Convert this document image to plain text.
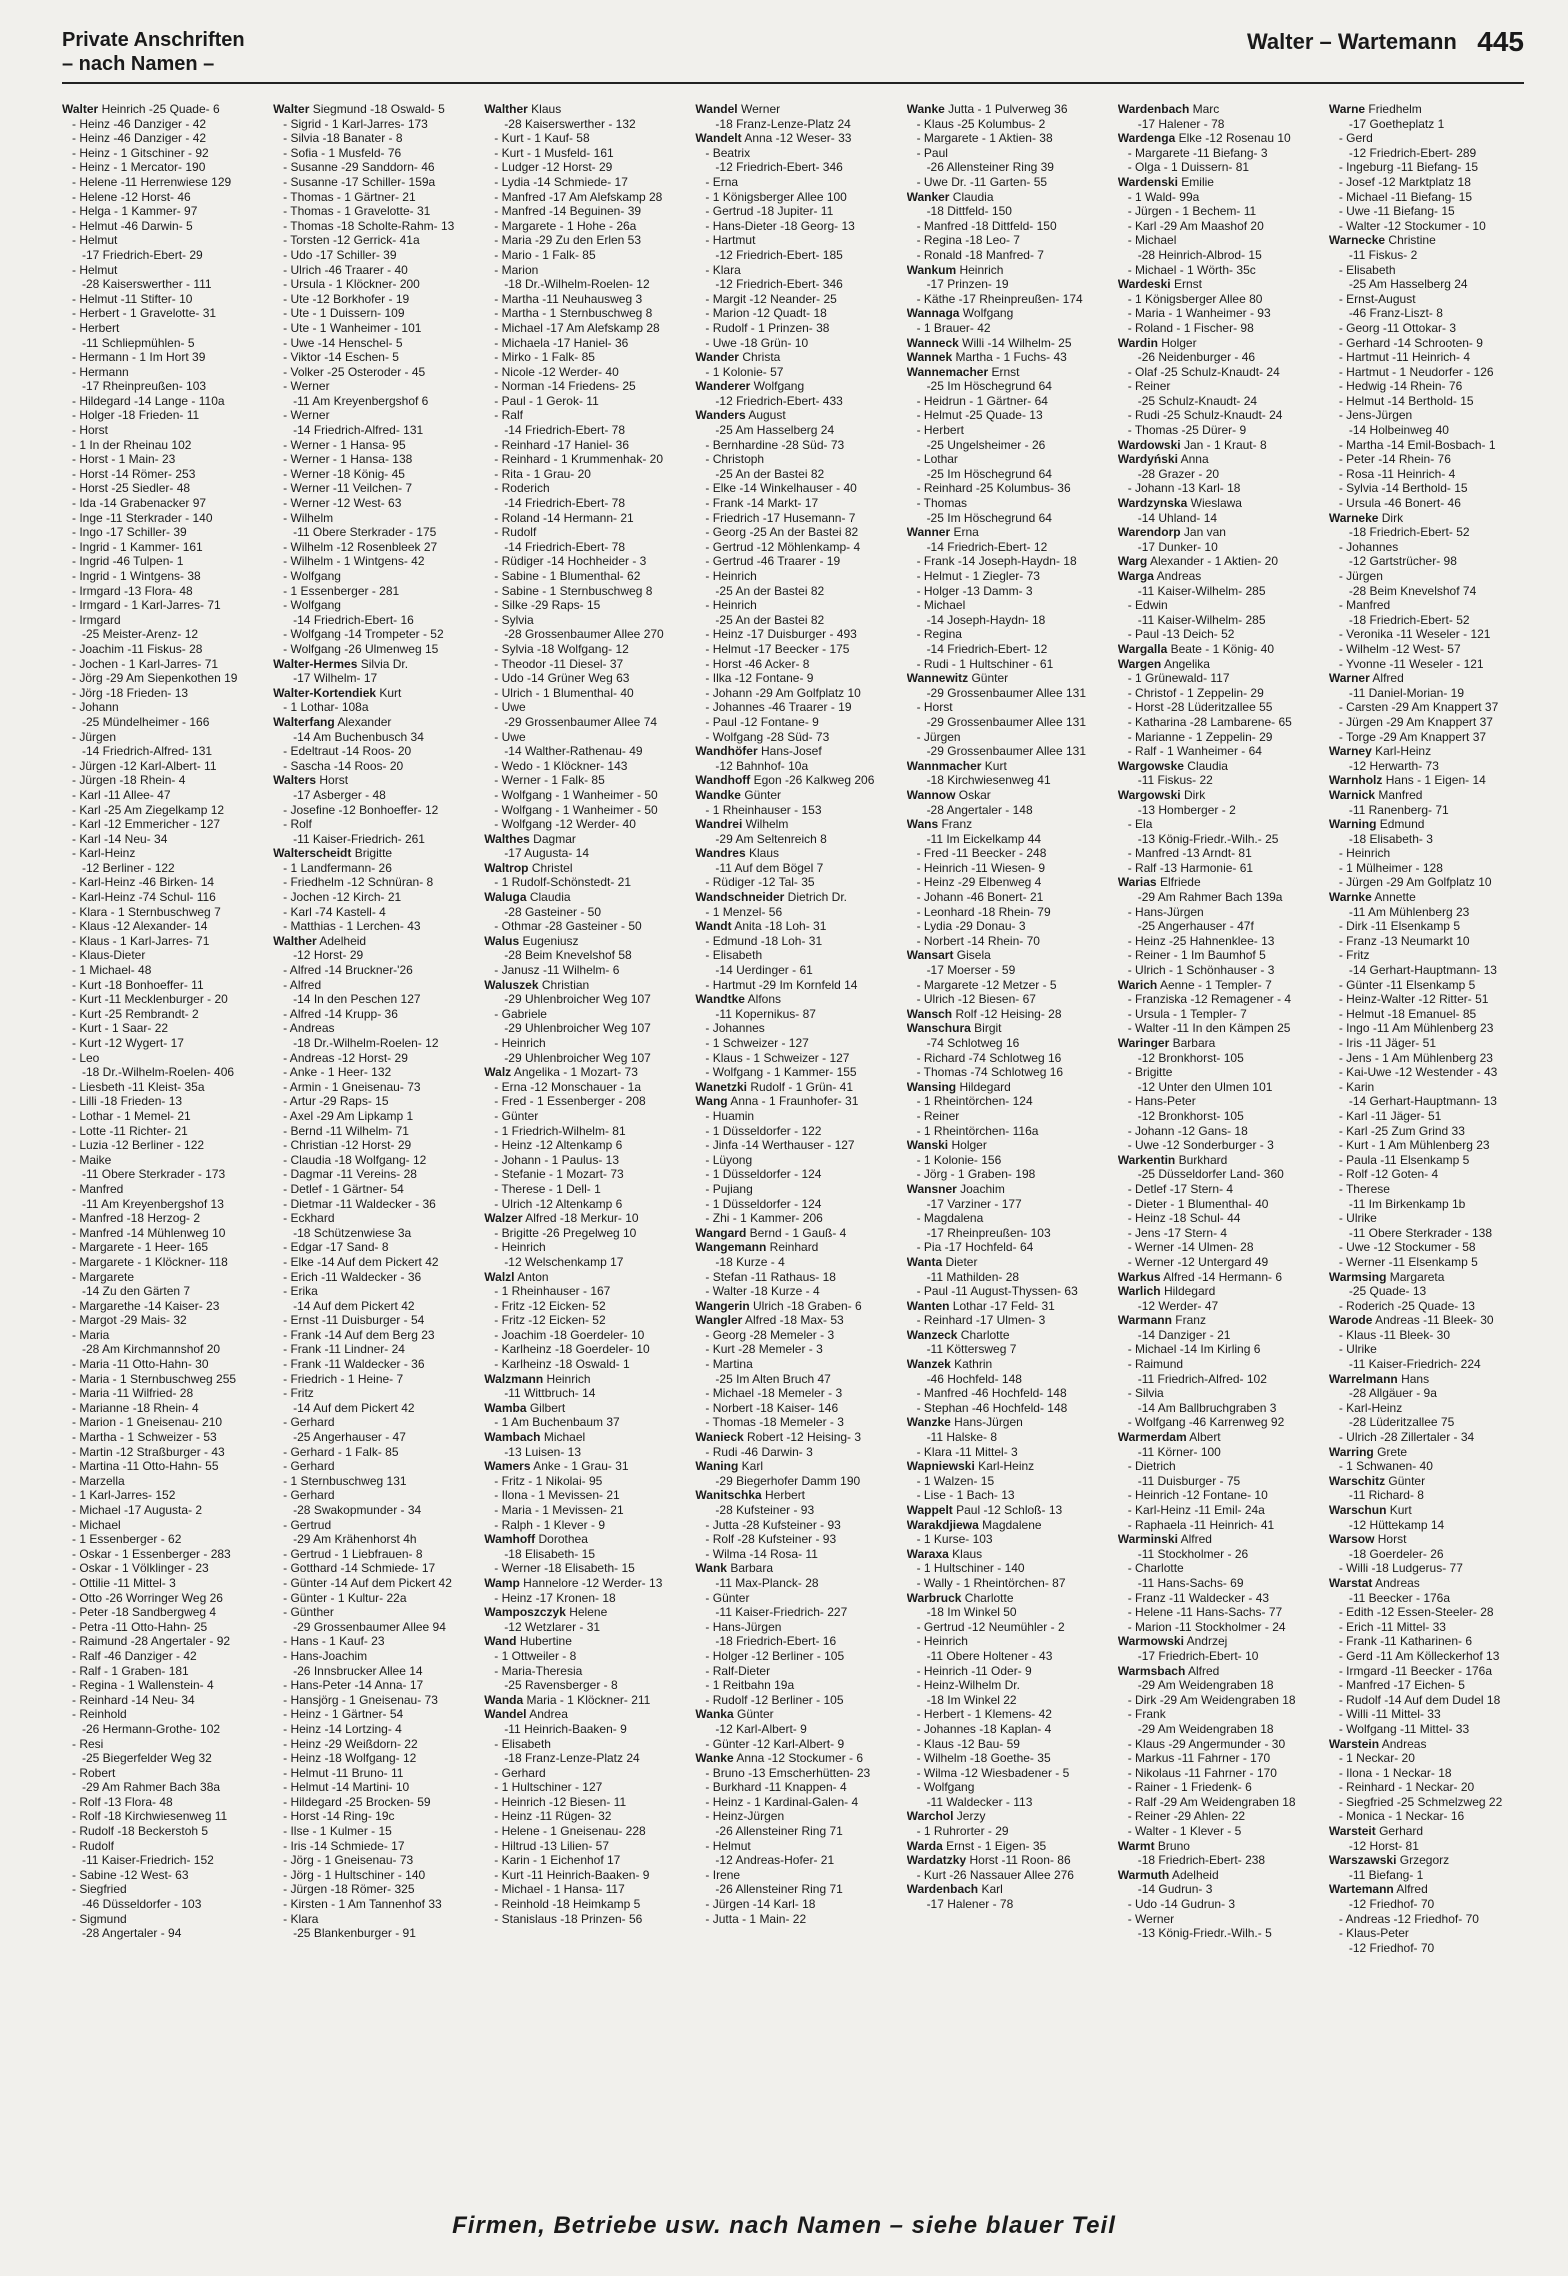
Private Anschriften
– nach Namen –
Walter – Wartemann 445
Walter Heinrich -25 Quade- 6
- Heinz -46 Danziger - 42
- Heinz -46 Danziger - 42
- Heinz - 1 Gitschiner - 92
- Heinz - 1 Mercator- 190
- Helene -11 Herrenwiese 129
- Helene -12 Horst- 46
- Helga - 1 Kammer- 97
- Helmut -46 Darwin- 5
- Helmut
-17 Friedrich-Ebert- 29
- Helmut
-28 Kaiserswerther - 111
- Helmut -11 Stifter- 10
- Herbert - 1 Gravelotte- 31
- Herbert
-11 Schliepmühlen- 5
- Hermann - 1 Im Hort 39
- Hermann
-17 Rheinpreußen- 103
- Hildegard -14 Lange - 110a
- Holger -18 Frieden- 11
- Horst
- 1 In der Rheinau 102
- Horst - 1 Main- 23
- Horst -14 Römer- 253
- Horst -25 Siedler- 48
- Ida -14 Grabenacker 97
- Inge -11 Sterkrader - 140
- Ingo -17 Schiller- 39
- Ingrid - 1 Kammer- 161
- Ingrid -46 Tulpen- 1
- Ingrid - 1 Wintgens- 38
- Irmgard -13 Flora- 48
- Irmgard - 1 Karl-Jarres- 71
- Irmgard
-25 Meister-Arenz- 12
- Joachim -11 Fiskus- 28
- Jochen - 1 Karl-Jarres- 71
- Jörg -29 Am Siepenkothen 19
- Jörg -18 Frieden- 13
- Johann
-25 Mündelheimer - 166
- Jürgen
-14 Friedrich-Alfred- 131
- Jürgen -12 Karl-Albert- 11
- Jürgen -18 Rhein- 4
- Karl -11 Allee- 47
- Karl -25 Am Ziegelkamp 12
- Karl -12 Emmericher - 127
- Karl -14 Neu- 34
- Karl-Heinz
-12 Berliner - 122
- Karl-Heinz -46 Birken- 14
- Karl-Heinz -74 Schul- 116
- Klara - 1 Sternbuschweg 7
- Klaus -12 Alexander- 14
- Klaus - 1 Karl-Jarres- 71
- Klaus-Dieter
- 1 Michael- 48
- Kurt -18 Bonhoeffer- 11
- Kurt -11 Mecklenburger - 20
- Kurt -25 Rembrandt- 2
- Kurt - 1 Saar- 22
- Kurt -12 Wygert- 17
- Leo
-18 Dr.-Wilhelm-Roelen- 406
- Liesbeth -11 Kleist- 35a
- Lilli -18 Frieden- 13
- Lothar - 1 Memel- 21
- Lotte -11 Richter- 21
- Luzia -12 Berliner - 122
- Maike
-11 Obere Sterkrader - 173
- Manfred
-11 Am Kreyenbergshof 13
- Manfred -18 Herzog- 2
- Manfred -14 Mühlenweg 10
- Margarete - 1 Heer- 165
- Margarete - 1 Klöckner- 118
- Margarete
-14 Zu den Gärten 7
- Margarethe -14 Kaiser- 23
- Margot -29 Mais- 32
- Maria
-28 Am Kirchmannshof 20
- Maria -11 Otto-Hahn- 30
- Maria - 1 Sternbuschweg 255
- Maria -11 Wilfried- 28
- Marianne -18 Rhein- 4
- Marion - 1 Gneisenau- 210
- Martha - 1 Schweizer - 53
- Martin -12 Straßburger - 43
- Martina -11 Otto-Hahn- 55
- Marzella
- 1 Karl-Jarres- 152
- Michael -17 Augusta- 2
- Michael
- 1 Essenberger - 62
- Oskar - 1 Essenberger - 283
- Oskar - 1 Völklinger - 23
- Ottilie -11 Mittel- 3
- Otto -26 Worringer Weg 26
- Peter -18 Sandbergweg 4
- Petra -11 Otto-Hahn- 25
- Raimund -28 Angertaler - 92
- Ralf -46 Danziger - 42
- Ralf - 1 Graben- 181
- Regina - 1 Wallenstein- 4
- Reinhard -14 Neu- 34
- Reinhold
-26 Hermann-Grothe- 102
- Resi
-25 Biegerfelder Weg 32
- Robert
-29 Am Rahmer Bach 38a
- Rolf -13 Flora- 48
- Rolf -18 Kirchwiesenweg 11
- Rudolf -18 Beckerstoh 5
- Rudolf
-11 Kaiser-Friedrich- 152
- Sabine -12 West- 63
- Siegfried
-46 Düsseldorfer - 103
- Sigmund
-28 Angertaler - 94
Walter Siegmund -18 Oswald- 5
- Sigrid - 1 Karl-Jarres- 173
- Silvia -18 Banater - 8
- Sofia - 1 Musfeld- 76
- Susanne -29 Sanddorn- 46
- Susanne -17 Schiller- 159a
- Thomas - 1 Gärtner- 21
- Thomas - 1 Gravelotte- 31
- Thomas -18 Scholte-Rahm- 13
- Torsten -12 Gerrick- 41a
- Udo -17 Schiller- 39
- Ulrich -46 Traarer - 40
- Ursula - 1 Klöckner- 200
- Ute -12 Borkhofer - 19
- Ute - 1 Duissern- 109
- Ute - 1 Wanheimer - 101
- Uwe -14 Henschel- 5
- Viktor -14 Eschen- 5
- Volker -25 Osteroder - 45
- Werner
-11 Am Kreyenbergshof 6
- Werner
-14 Friedrich-Alfred- 131
- Werner - 1 Hansa- 95
- Werner - 1 Hansa- 138
- Werner -18 König- 45
- Werner -11 Veilchen- 7
- Werner -12 West- 63
- Wilhelm
-11 Obere Sterkrader - 175
- Wilhelm -12 Rosenbleek 27
- Wilhelm - 1 Wintgens- 42
- Wolfgang
- 1 Essenberger - 281
- Wolfgang
-14 Friedrich-Ebert- 16
- Wolfgang -14 Trompeter - 52
- Wolfgang -26 Ulmenweg 15
Walter-Hermes Silvia Dr.
-17 Wilhelm- 17
Walter-Kortendiek Kurt
- 1 Lothar- 108a
Walterfang Alexander
-14 Am Buchenbusch 34
- Edeltraut -14 Roos- 20
- Sascha -14 Roos- 20
Walters Horst
-17 Asberger - 48
- Josefine -12 Bonhoeffer- 12
- Rolf
-11 Kaiser-Friedrich- 261
Walterscheidt Brigitte
- 1 Landfermann- 26
- Friedhelm -12 Schnüran- 8
- Jochen -12 Kirch- 21
- Karl -74 Kastell- 4
- Matthias - 1 Lerchen- 43
Walther Adelheid
-12 Horst- 29
- Alfred -14 Bruckner-'26
- Alfred
-14 In den Peschen 127
- Alfred -14 Krupp- 36
- Andreas
-18 Dr.-Wilhelm-Roelen- 12
- Andreas -12 Horst- 29
- Anke - 1 Heer- 132
- Armin - 1 Gneisenau- 73
- Artur -29 Raps- 15
- Axel -29 Am Lipkamp 1
- Bernd -11 Wilhelm- 71
- Christian -12 Horst- 29
- Claudia -18 Wolfgang- 12
- Dagmar -11 Vereins- 28
- Detlef - 1 Gärtner- 54
- Dietmar -11 Waldecker - 36
- Eckhard
-18 Schützenwiese 3a
- Edgar -17 Sand- 8
- Elke -14 Auf dem Pickert 42
- Erich -11 Waldecker - 36
- Erika
-14 Auf dem Pickert 42
- Ernst -11 Duisburger - 54
- Frank -14 Auf dem Berg 23
- Frank -11 Lindner- 24
- Frank -11 Waldecker - 36
- Friedrich - 1 Heine- 7
- Fritz
-14 Auf dem Pickert 42
- Gerhard
-25 Angerhauser - 47
- Gerhard - 1 Falk- 85
- Gerhard
- 1 Sternbuschweg 131
- Gerhard
-28 Swakopmunder - 34
- Gertrud
-29 Am Krähenhorst 4h
- Gertrud - 1 Liebfrauen- 8
- Gotthard -14 Schmiede- 17
- Günter -14 Auf dem Pickert 42
- Günter - 1 Kultur- 22a
- Günther
-29 Grossenbaumer Allee 94
- Hans - 1 Kauf- 23
- Hans-Joachim
-26 Innsbrucker Allee 14
- Hans-Peter -14 Anna- 17
- Hansjörg - 1 Gneisenau- 73
- Heinz - 1 Gärtner- 54
- Heinz -14 Lortzing- 4
- Heinz -29 Weißdorn- 22
- Heinz -18 Wolfgang- 12
- Helmut -11 Bruno- 11
- Helmut -14 Martini- 10
- Hildegard -25 Brocken- 59
- Horst -14 Ring- 19c
- Ilse - 1 Kulmer - 15
- Iris -14 Schmiede- 17
- Jörg - 1 Gneisenau- 73
- Jörg - 1 Hultschiner - 140
- Jürgen -18 Römer- 325
- Kirsten - 1 Am Tannenhof 33
- Klara
-25 Blankenburger - 91
Walther Klaus
-28 Kaiserswerther - 132
- Kurt - 1 Kauf- 58
- Kurt - 1 Musfeld- 161
- Ludger -12 Horst- 29
- Lydia -14 Schmiede- 17
- Manfred -17 Am Alefskamp 28
- Manfred -14 Beguinen- 39
- Margarete - 1 Hohe - 26a
- Maria -29 Zu den Erlen 53
- Mario - 1 Falk- 85
- Marion
-18 Dr.-Wilhelm-Roelen- 12
- Martha -11 Neuhausweg 3
- Martha - 1 Sternbuschweg 8
- Michael -17 Am Alefskamp 28
- Michaela -17 Haniel- 36
- Mirko - 1 Falk- 85
- Nicole -12 Werder- 40
- Norman -14 Friedens- 25
- Paul - 1 Gerok- 11
- Ralf
-14 Friedrich-Ebert- 78
- Reinhard -17 Haniel- 36
- Reinhard - 1 Krummenhak- 20
- Rita - 1 Grau- 20
- Roderich
-14 Friedrich-Ebert- 78
- Roland -14 Hermann- 21
- Rudolf
-14 Friedrich-Ebert- 78
- Rüdiger -14 Hochheider - 3
- Sabine - 1 Blumenthal- 62
- Sabine - 1 Sternbuschweg 8
- Silke -29 Raps- 15
- Sylvia
-28 Grossenbaumer Allee 270
- Sylvia -18 Wolfgang- 12
- Theodor -11 Diesel- 37
- Udo -14 Grüner Weg 63
- Ulrich - 1 Blumenthal- 40
- Uwe
-29 Grossenbaumer Allee 74
- Uwe
-14 Walther-Rathenau- 49
- Wedo - 1 Klöckner- 143
- Werner - 1 Falk- 85
- Wolfgang - 1 Wanheimer - 50
- Wolfgang - 1 Wanheimer - 50
- Wolfgang -12 Werder- 40
Walthes Dagmar
-17 Augusta- 14
Waltrop Christel
- 1 Rudolf-Schönstedt- 21
Waluga Claudia
-28 Gasteiner - 50
- Othmar -28 Gasteiner - 50
Walus Eugeniusz
-28 Beim Knevelshof 58
- Janusz -11 Wilhelm- 6
Waluszek Christian
-29 Uhlenbroicher Weg 107
- Gabriele
-29 Uhlenbroicher Weg 107
- Heinrich
-29 Uhlenbroicher Weg 107
Walz Angelika - 1 Mozart- 73
- Erna -12 Monschauer - 1a
- Fred - 1 Essenberger - 208
- Günter
- 1 Friedrich-Wilhelm- 81
- Heinz -12 Altenkamp 6
- Johann - 1 Paulus- 13
- Stefanie - 1 Mozart- 73
- Therese - 1 Dell- 1
- Ulrich -12 Altenkamp 6
Walzer Alfred -18 Merkur- 10
- Brigitte -26 Pregelweg 10
- Heinrich
-12 Welschenkamp 17
Walzl Anton
- 1 Rheinhauser - 167
- Fritz -12 Eicken- 52
- Fritz -12 Eicken- 52
- Joachim -18 Goerdeler- 10
- Karlheinz -18 Goerdeler- 10
- Karlheinz -18 Oswald- 1
Walzmann Heinrich
-11 Wittbruch- 14
Wamba Gilbert
- 1 Am Buchenbaum 37
Wambach Michael
-13 Luisen- 13
Wamers Anke - 1 Grau- 31
- Fritz - 1 Nikolai- 95
- Ilona - 1 Mevissen- 21
- Maria - 1 Mevissen- 21
- Ralph - 1 Klever - 9
Wamhoff Dorothea
-18 Elisabeth- 15
- Werner -18 Elisabeth- 15
Wamp Hannelore -12 Werder- 13
- Heinz -17 Kronen- 18
Wamposzczyk Helene
-12 Wetzlarer - 31
Wand Hubertine
- 1 Ottweiler - 8
- Maria-Theresia
-25 Ravensberger - 8
Wanda Maria - 1 Klöckner- 211
Wandel Andrea
-11 Heinrich-Baaken- 9
- Elisabeth
-18 Franz-Lenze-Platz 24
- Gerhard
- 1 Hultschiner - 127
- Heinrich -12 Biesen- 11
- Heinz -11 Rügen- 32
- Helene - 1 Gneisenau- 228
- Hiltrud -13 Lilien- 57
- Karin - 1 Eichenhof 17
- Kurt -11 Heinrich-Baaken- 9
- Michael - 1 Hansa- 117
- Reinhold -18 Heimkamp 5
- Stanislaus -18 Prinzen- 56
Wandel Werner
-18 Franz-Lenze-Platz 24
Wandelt Anna -12 Weser- 33
- Beatrix
-12 Friedrich-Ebert- 346
- Erna
- 1 Königsberger Allee 100
- Gertrud -18 Jupiter- 11
- Hans-Dieter -18 Georg- 13
- Hartmut
-12 Friedrich-Ebert- 185
- Klara
-12 Friedrich-Ebert- 346
- Margit -12 Neander- 25
- Marion -12 Quadt- 18
- Rudolf - 1 Prinzen- 38
- Uwe -18 Grün- 10
Wander Christa
- 1 Kolonie- 57
Wanderer Wolfgang
-12 Friedrich-Ebert- 433
Wanders August
-25 Am Hasselberg 24
- Bernhardine -28 Süd- 73
- Christoph
-25 An der Bastei 82
- Elke -14 Winkelhauser - 40
- Frank -14 Markt- 17
- Friedrich -17 Husemann- 7
- Georg -25 An der Bastei 82
- Gertrud -12 Möhlenkamp- 4
- Gertrud -46 Traarer - 19
- Heinrich
-25 An der Bastei 82
- Heinrich
-25 An der Bastei 82
- Heinz -17 Duisburger - 493
- Helmut -17 Beecker - 175
- Horst -46 Acker- 8
- Ilka -12 Fontane- 9
- Johann -29 Am Golfplatz 10
- Johannes -46 Traarer - 19
- Paul -12 Fontane- 9
- Wolfgang -28 Süd- 73
Wandhöfer Hans-Josef
-12 Bahnhof- 10a
Wandhoff Egon -26 Kalkweg 206
Wandke Günter
- 1 Rheinhauser - 153
Wandrei Wilhelm
-29 Am Seltenreich 8
Wandres Klaus
-11 Auf dem Bögel 7
- Rüdiger -12 Tal- 35
Wandschneider Dietrich Dr.
- 1 Menzel- 56
Wandt Anita -18 Loh- 31
- Edmund -18 Loh- 31
- Elisabeth
-14 Uerdinger - 61
- Hartmut -29 Im Kornfeld 14
Wandtke Alfons
-11 Kopernikus- 87
- Johannes
- 1 Schweizer - 127
- Klaus - 1 Schweizer - 127
- Wolfgang - 1 Kammer- 155
Wanetzki Rudolf - 1 Grün- 41
Wang Anna - 1 Fraunhofer- 31
- Huamin
- 1 Düsseldorfer - 122
- Jinfa -14 Werthauser - 127
- Lüyong
- 1 Düsseldorfer - 124
- Pujiang
- 1 Düsseldorfer - 124
- Zhi - 1 Kammer- 206
Wangard Bernd - 1 Gauß- 4
Wangemann Reinhard
-18 Kurze - 4
- Stefan -11 Rathaus- 18
- Walter -18 Kurze - 4
Wangerin Ulrich -18 Graben- 6
Wangler Alfred -18 Max- 53
- Georg -28 Memeler - 3
- Kurt -28 Memeler - 3
- Martina
-25 Im Alten Bruch 47
- Michael -18 Memeler - 3
- Norbert -18 Kaiser- 146
- Thomas -18 Memeler - 3
Wanieck Robert -12 Heising- 3
- Rudi -46 Darwin- 3
Waning Karl
-29 Biegerhofer Damm 190
Wanitschka Herbert
-28 Kufsteiner - 93
- Jutta -28 Kufsteiner - 93
- Rolf -28 Kufsteiner - 93
- Wilma -14 Rosa- 11
Wank Barbara
-11 Max-Planck- 28
- Günter
-11 Kaiser-Friedrich- 227
- Hans-Jürgen
-18 Friedrich-Ebert- 16
- Holger -12 Berliner - 105
- Ralf-Dieter
- 1 Reitbahn 19a
- Rudolf -12 Berliner - 105
Wanka Günter
-12 Karl-Albert- 9
- Günter -12 Karl-Albert- 9
Wanke Anna -12 Stockumer - 6
- Bruno -13 Emscherhütten- 23
- Burkhard -11 Knappen- 4
- Heinz - 1 Kardinal-Galen- 4
- Heinz-Jürgen
-26 Allensteiner Ring 71
- Helmut
-12 Andreas-Hofer- 21
- Irene
-26 Allensteiner Ring 71
- Jürgen -14 Karl- 18
- Jutta - 1 Main- 22
Wanke Jutta - 1 Pulverweg 36
- Klaus -25 Kolumbus- 2
- Margarete - 1 Aktien- 38
- Paul
-26 Allensteiner Ring 39
- Uwe Dr. -11 Garten- 55
Wanker Claudia
-18 Dittfeld- 150
- Manfred -18 Dittfeld- 150
- Regina -18 Leo- 7
- Ronald -18 Manfred- 7
Wankum Heinrich
-17 Prinzen- 19
- Käthe -17 Rheinpreußen- 174
Wannaga Wolfgang
- 1 Brauer- 42
Wanneck Willi -14 Wilhelm- 25
Wannek Martha - 1 Fuchs- 43
Wannemacher Ernst
-25 Im Höschegrund 64
- Heidrun - 1 Gärtner- 64
- Helmut -25 Quade- 13
- Herbert
-25 Ungelsheimer - 26
- Lothar
-25 Im Höschegrund 64
- Reinhard -25 Kolumbus- 36
- Thomas
-25 Im Höschegrund 64
Wanner Erna
-14 Friedrich-Ebert- 12
- Frank -14 Joseph-Haydn- 18
- Helmut - 1 Ziegler- 73
- Holger -13 Damm- 3
- Michael
-14 Joseph-Haydn- 18
- Regina
-14 Friedrich-Ebert- 12
- Rudi - 1 Hultschiner - 61
Wannewitz Günter
-29 Grossenbaumer Allee 131
- Horst
-29 Grossenbaumer Allee 131
- Jürgen
-29 Grossenbaumer Allee 131
Wannmacher Kurt
-18 Kirchwiesenweg 41
Wannow Oskar
-28 Angertaler - 148
Wans Franz
-11 Im Eickelkamp 44
- Fred -11 Beecker - 248
- Heinrich -11 Wiesen- 9
- Heinz -29 Elbenweg 4
- Johann -46 Bonert- 21
- Leonhard -18 Rhein- 79
- Lydia -29 Donau- 3
- Norbert -14 Rhein- 70
Wansart Gisela
-17 Moerser - 59
- Margarete -12 Metzer - 5
- Ulrich -12 Biesen- 67
Wansch Rolf -12 Heising- 28
Wanschura Birgit
-74 Schlotweg 16
- Richard -74 Schlotweg 16
- Thomas -74 Schlotweg 16
Wansing Hildegard
- 1 Rheintörchen- 124
- Reiner
- 1 Rheintörchen- 116a
Wanski Holger
- 1 Kolonie- 156
- Jörg - 1 Graben- 198
Wansner Joachim
-17 Varziner - 177
- Magdalena
-17 Rheinpreußen- 103
- Pia -17 Hochfeld- 64
Wanta Dieter
-11 Mathilden- 28
- Paul -11 August-Thyssen- 63
Wanten Lothar -17 Feld- 31
- Reinhard -17 Ulmen- 3
Wanzeck Charlotte
-11 Köttersweg 7
Wanzek Kathrin
-46 Hochfeld- 148
- Manfred -46 Hochfeld- 148
- Stephan -46 Hochfeld- 148
Wanzke Hans-Jürgen
-11 Halske- 8
- Klara -11 Mittel- 3
Wapniewski Karl-Heinz
- 1 Walzen- 15
- Lise - 1 Bach- 13
Wappelt Paul -12 Schloß- 13
Warakdjiewa Magdalene
- 1 Kurse- 103
Waraxa Klaus
- 1 Hultschiner - 140
- Wally - 1 Rheintörchen- 87
Warbruck Charlotte
-18 Im Winkel 50
- Gertrud -12 Neumühler - 2
- Heinrich
-11 Obere Holtener - 43
- Heinrich -11 Oder- 9
- Heinz-Wilhelm Dr.
-18 Im Winkel 22
- Herbert - 1 Klemens- 42
- Johannes -18 Kaplan- 4
- Klaus -12 Bau- 59
- Wilhelm -18 Goethe- 35
- Wilma -12 Wiesbadener - 5
- Wolfgang
-11 Waldecker - 113
Warchol Jerzy
- 1 Ruhrorter - 29
Warda Ernst - 1 Eigen- 35
Wardatzky Horst -11 Roon- 86
- Kurt -26 Nassauer Allee 276
Wardenbach Karl
-17 Halener - 78
Wardenbach Marc
-17 Halener - 78
Wardenga Elke -12 Rosenau 10
- Margarete -11 Biefang- 3
- Olga - 1 Duissern- 81
Wardenski Emilie
- 1 Wald- 99a
- Jürgen - 1 Bechem- 11
- Karl -29 Am Maashof 20
- Michael
-28 Heinrich-Albrod- 15
- Michael - 1 Wörth- 35c
Wardeski Ernst
- 1 Königsberger Allee 80
- Maria - 1 Wanheimer - 93
- Roland - 1 Fischer- 98
Wardin Holger
-26 Neidenburger - 46
- Olaf -25 Schulz-Knaudt- 24
- Reiner
-25 Schulz-Knaudt- 24
- Rudi -25 Schulz-Knaudt- 24
- Thomas -25 Dürer- 9
Wardowski Jan - 1 Kraut- 8
Wardyński Anna
-28 Grazer - 20
- Johann -13 Karl- 18
Wardzynska Wieslawa
-14 Uhland- 14
Warendorp Jan van
-17 Dunker- 10
Warg Alexander - 1 Aktien- 20
Warga Andreas
-11 Kaiser-Wilhelm- 285
- Edwin
-11 Kaiser-Wilhelm- 285
- Paul -13 Deich- 52
Wargalla Beate - 1 König- 40
Wargen Angelika
- 1 Grünewald- 117
- Christof - 1 Zeppelin- 29
- Horst -28 Lüderitzallee 55
- Katharina -28 Lambarene- 65
- Marianne - 1 Zeppelin- 29
- Ralf - 1 Wanheimer - 64
Wargowske Claudia
-11 Fiskus- 22
Wargowski Dirk
-13 Homberger - 2
- Ela
-13 König-Friedr.-Wilh.- 25
- Manfred -13 Arndt- 81
- Ralf -13 Harmonie- 61
Warias Elfriede
-29 Am Rahmer Bach 139a
- Hans-Jürgen
-25 Angerhauser - 47f
- Heinz -25 Hahnenklee- 13
- Reiner - 1 Im Baumhof 5
- Ulrich - 1 Schönhauser - 3
Warich Aenne - 1 Templer- 7
- Franziska -12 Remagener - 4
- Ursula - 1 Templer- 7
- Walter -11 In den Kämpen 25
Waringer Barbara
-12 Bronkhorst- 105
- Brigitte
-12 Unter den Ulmen 101
- Hans-Peter
-12 Bronkhorst- 105
- Johann -12 Gans- 18
- Uwe -12 Sonderburger - 3
Warkentin Burkhard
-25 Düsseldorfer Land- 360
- Detlef -17 Stern- 4
- Dieter - 1 Blumenthal- 40
- Heinz -18 Schul- 44
- Jens -17 Stern- 4
- Werner -14 Ulmen- 28
- Werner -12 Untergard 49
Warkus Alfred -14 Hermann- 6
Warlich Hildegard
-12 Werder- 47
Warmann Franz
-14 Danziger - 21
- Michael -14 Im Kirling 6
- Raimund
-11 Friedrich-Alfred- 102
- Silvia
-14 Am Ballbruchgraben 3
- Wolfgang -46 Karrenweg 92
Warmerdam Albert
-11 Körner- 100
- Dietrich
-11 Duisburger - 75
- Heinrich -12 Fontane- 10
- Karl-Heinz -11 Emil- 24a
- Raphaela -11 Heinrich- 41
Warminski Alfred
-11 Stockholmer - 26
- Charlotte
-11 Hans-Sachs- 69
- Franz -11 Waldecker - 43
- Helene -11 Hans-Sachs- 77
- Marion -11 Stockholmer - 24
Warmowski Andrzej
-17 Friedrich-Ebert- 10
Warmsbach Alfred
-29 Am Weidengraben 18
- Dirk -29 Am Weidengraben 18
- Frank
-29 Am Weidengraben 18
- Klaus -29 Angermunder - 30
- Markus -11 Fahrner - 170
- Nikolaus -11 Fahrner - 170
- Rainer - 1 Friedenk- 6
- Ralf -29 Am Weidengraben 18
- Reiner -29 Ahlen- 22
- Walter - 1 Klever - 5
Warmt Bruno
-18 Friedrich-Ebert- 238
Warmuth Adelheid
-14 Gudrun- 3
- Udo -14 Gudrun- 3
- Werner
-13 König-Friedr.-Wilh.- 5
Warne Friedhelm
-17 Goetheplatz 1
- Gerd
-12 Friedrich-Ebert- 289
- Ingeburg -11 Biefang- 15
- Josef -12 Marktplatz 18
- Michael -11 Biefang- 15
- Uwe -11 Biefang- 15
- Walter -12 Stockumer - 10
Warnecke Christine
-11 Fiskus- 2
- Elisabeth
-25 Am Hasselberg 24
- Ernst-August
-46 Franz-Liszt- 8
- Georg -11 Ottokar- 3
- Gerhard -14 Schrooten- 9
- Hartmut -11 Heinrich- 4
- Hartmut - 1 Neudorfer - 126
- Hedwig -14 Rhein- 76
- Helmut -14 Berthold- 15
- Jens-Jürgen
-14 Holbeinweg 40
- Martha -14 Emil-Bosbach- 1
- Peter -14 Rhein- 76
- Rosa -11 Heinrich- 4
- Sylvia -14 Berthold- 15
- Ursula -46 Bonert- 46
Warneke Dirk
-18 Friedrich-Ebert- 52
- Johannes
-12 Gartstrücher- 98
- Jürgen
-28 Beim Knevelshof 74
- Manfred
-18 Friedrich-Ebert- 52
- Veronika -11 Weseler - 121
- Wilhelm -12 West- 57
- Yvonne -11 Weseler - 121
Warner Alfred
-11 Daniel-Morian- 19
- Carsten -29 Am Knappert 37
- Jürgen -29 Am Knappert 37
- Torge -29 Am Knappert 37
Warney Karl-Heinz
-12 Herwarth- 73
Warnholz Hans - 1 Eigen- 14
Warnick Manfred
-11 Ranenberg- 71
Warning Edmund
-18 Elisabeth- 3
- Heinrich
- 1 Mülheimer - 128
- Jürgen -29 Am Golfplatz 10
Warnke Annette
-11 Am Mühlenberg 23
- Dirk -11 Elsenkamp 5
- Franz -13 Neumarkt 10
- Fritz
-14 Gerhart-Hauptmann- 13
- Günter -11 Elsenkamp 5
- Heinz-Walter -12 Ritter- 51
- Helmut -18 Emanuel- 85
- Ingo -11 Am Mühlenberg 23
- Iris -11 Jäger- 51
- Jens - 1 Am Mühlenberg 23
- Kai-Uwe -12 Westender - 43
- Karin
-14 Gerhart-Hauptmann- 13
- Karl -11 Jäger- 51
- Karl -25 Zum Grind 33
- Kurt - 1 Am Mühlenberg 23
- Paula -11 Elsenkamp 5
- Rolf -12 Goten- 4
- Therese
-11 Im Birkenkamp 1b
- Ulrike
-11 Obere Sterkrader - 138
- Uwe -12 Stockumer - 58
- Werner -11 Elsenkamp 5
Warmsing Margareta
-25 Quade- 13
- Roderich -25 Quade- 13
Warode Andreas -11 Bleek- 30
- Klaus -11 Bleek- 30
- Ulrike
-11 Kaiser-Friedrich- 224
Warrelmann Hans
-28 Allgäuer - 9a
- Karl-Heinz
-28 Lüderitzallee 75
- Ulrich -28 Zillertaler - 34
Warring Grete
- 1 Schwanen- 40
Warschitz Günter
-11 Richard- 8
Warschun Kurt
-12 Hüttekamp 14
Warsow Horst
-18 Goerdeler- 26
- Willi -18 Ludgerus- 77
Warstat Andreas
-11 Beecker - 176a
- Edith -12 Essen-Steeler- 28
- Erich -11 Mittel- 33
- Frank -11 Katharinen- 6
- Gerd -11 Am Kölleckerhof 13
- Irmgard -11 Beecker - 176a
- Manfred -17 Eichen- 5
- Rudolf -14 Auf dem Dudel 18
- Willi -11 Mittel- 33
- Wolfgang -11 Mittel- 33
Warstein Andreas
- 1 Neckar- 20
- Ilona - 1 Neckar- 18
- Reinhard - 1 Neckar- 20
- Siegfried -25 Schmelzweg 22
- Monica - 1 Neckar- 16
Warsteit Gerhard
-12 Horst- 81
Warszawski Grzegorz
-11 Biefang- 1
Wartemann Alfred
-12 Friedhof- 70
- Andreas -12 Friedhof- 70
- Klaus-Peter
-12 Friedhof- 70
Firmen, Betriebe usw. nach Namen – siehe blauer Teil
